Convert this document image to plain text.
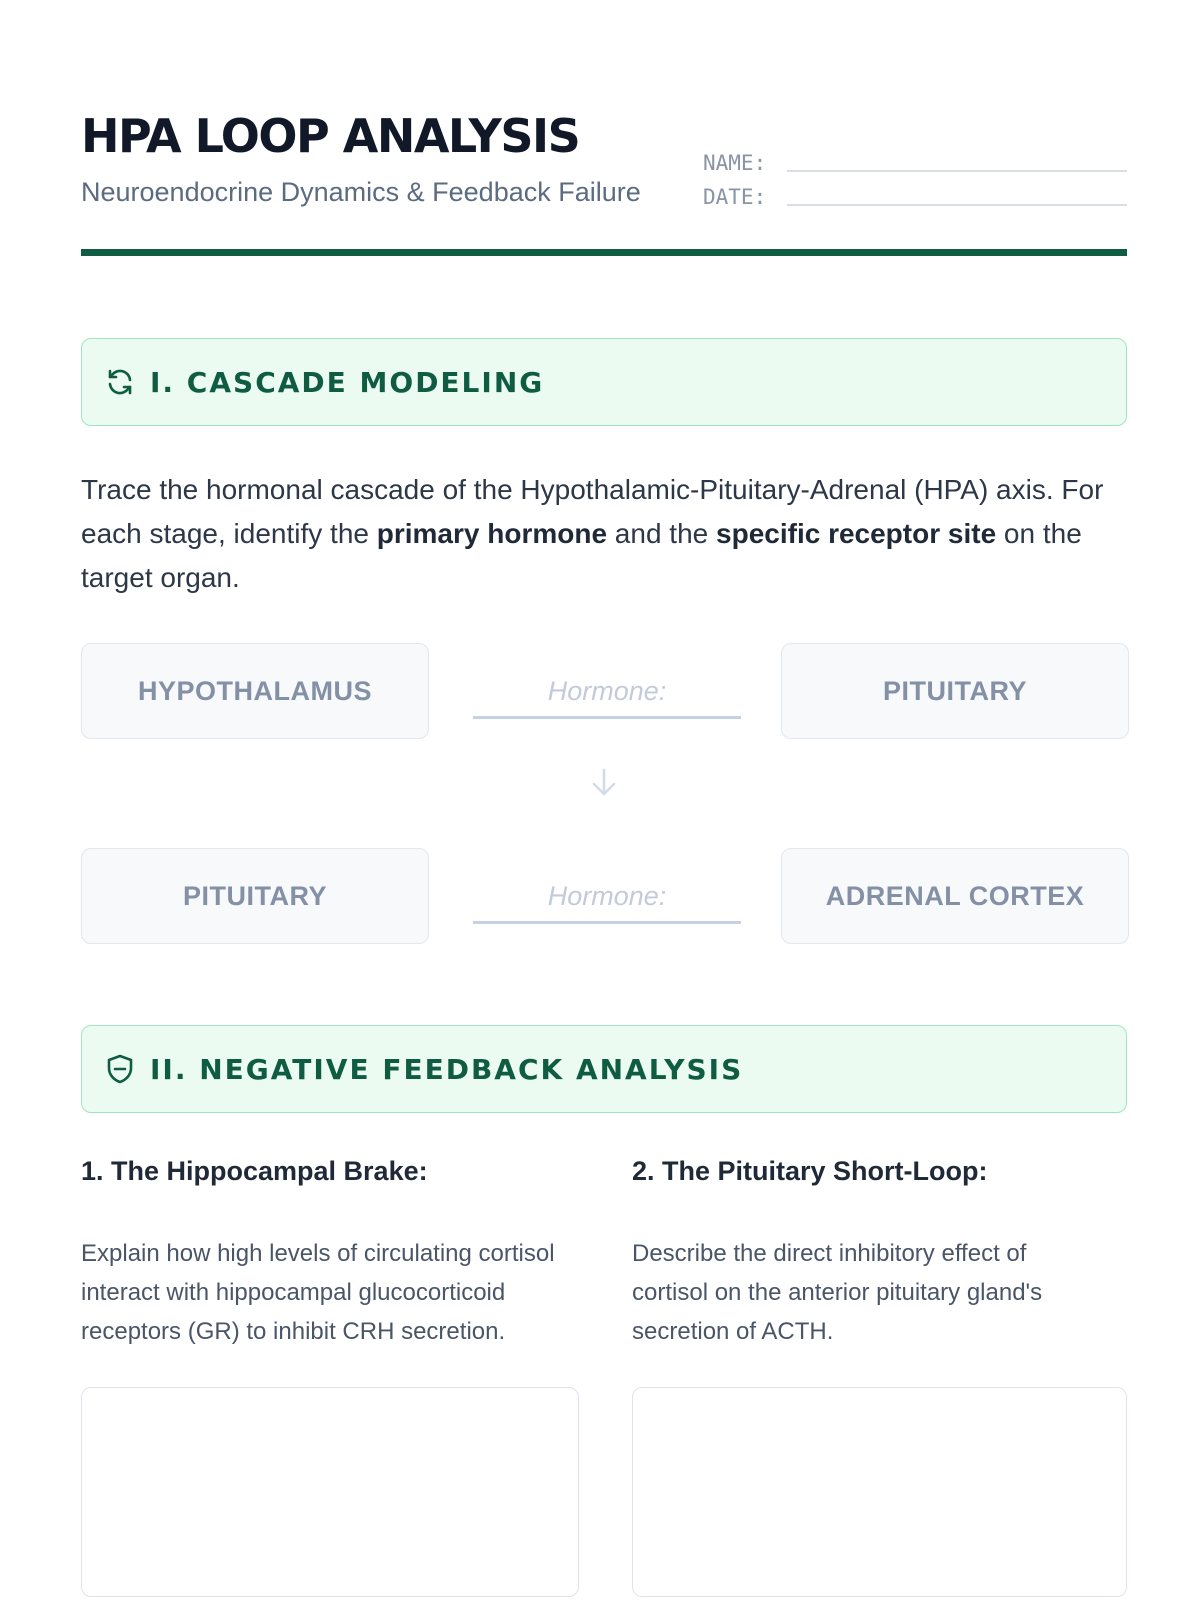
HPA LOOP ANALYSIS
Neuroendocrine Dynamics & Feedback Failure
NAME:
DATE:
I. CASCADE MODELING
Trace the hormonal cascade of the Hypothalamic-Pituitary-Adrenal (HPA) axis. For each stage, identify the primary hormone and the specific receptor site on the target organ.
HYPOTHALAMUS	Hormone:	PITUITARY
PITUITARY	Hormone:	ADRENAL CORTEX
II. NEGATIVE FEEDBACK ANALYSIS
1. The Hippocampal Brake:
Explain how high levels of circulating cortisol interact with hippocampal glucocorticoid receptors (GR) to inhibit CRH secretion.
2. The Pituitary Short-Loop:
Describe the direct inhibitory effect of cortisol on the anterior pituitary gland's secretion of ACTH.
